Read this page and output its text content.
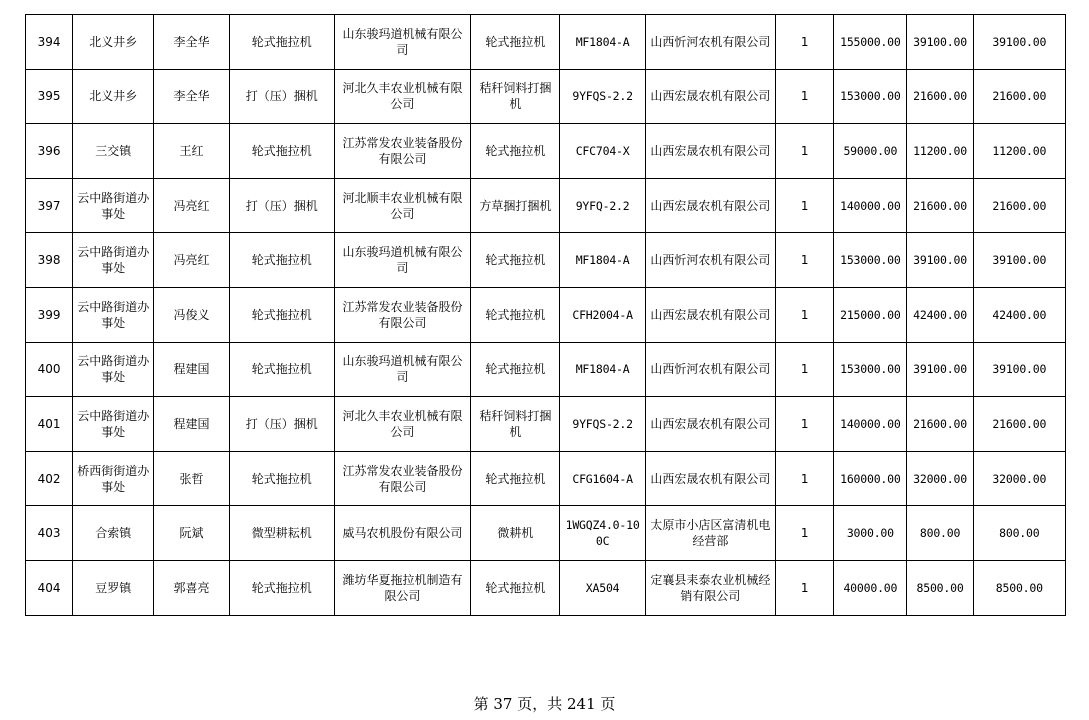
394	北义井乡	李全华	轮式拖拉机	山东骏玛道机械有限公司	轮式拖拉机	MF1804-A	山西忻河农机有限公司	1	155000.00	39100.00	39100.00
395	北义井乡	李全华	打（压）捆机	河北久丰农业机械有限公司	秸秆饲料打捆机	9YFQS-2.2	山西宏晟农机有限公司	1	153000.00	21600.00	21600.00
396	三交镇	王红	轮式拖拉机	江苏常发农业装备股份有限公司	轮式拖拉机	CFC704-X	山西宏晟农机有限公司	1	59000.00	11200.00	11200.00
397	云中路街道办事处	冯亮红	打（压）捆机	河北顺丰农业机械有限公司	方草捆打捆机	9YFQ-2.2	山西宏晟农机有限公司	1	140000.00	21600.00	21600.00
398	云中路街道办事处	冯亮红	轮式拖拉机	山东骏玛道机械有限公司	轮式拖拉机	MF1804-A	山西忻河农机有限公司	1	153000.00	39100.00	39100.00
399	云中路街道办事处	冯俊义	轮式拖拉机	江苏常发农业装备股份有限公司	轮式拖拉机	CFH2004-A	山西宏晟农机有限公司	1	215000.00	42400.00	42400.00
400	云中路街道办事处	程建国	轮式拖拉机	山东骏玛道机械有限公司	轮式拖拉机	MF1804-A	山西忻河农机有限公司	1	153000.00	39100.00	39100.00
401	云中路街道办事处	程建国	打（压）捆机	河北久丰农业机械有限公司	秸秆饲料打捆机	9YFQS-2.2	山西宏晟农机有限公司	1	140000.00	21600.00	21600.00
402	桥西街街道办事处	张哲	轮式拖拉机	江苏常发农业装备股份有限公司	轮式拖拉机	CFG1604-A	山西宏晟农机有限公司	1	160000.00	32000.00	32000.00
403	合索镇	阮斌	微型耕耘机	威马农机股份有限公司	微耕机	1WGQZ4.0-100C	太原市小店区富清机电经营部	1	3000.00	800.00	800.00
404	豆罗镇	郭喜亮	轮式拖拉机	潍坊华夏拖拉机制造有限公司	轮式拖拉机	XA504	定襄县耒泰农业机械经销有限公司	1	40000.00	8500.00	8500.00
第 37 页，共 241 页
